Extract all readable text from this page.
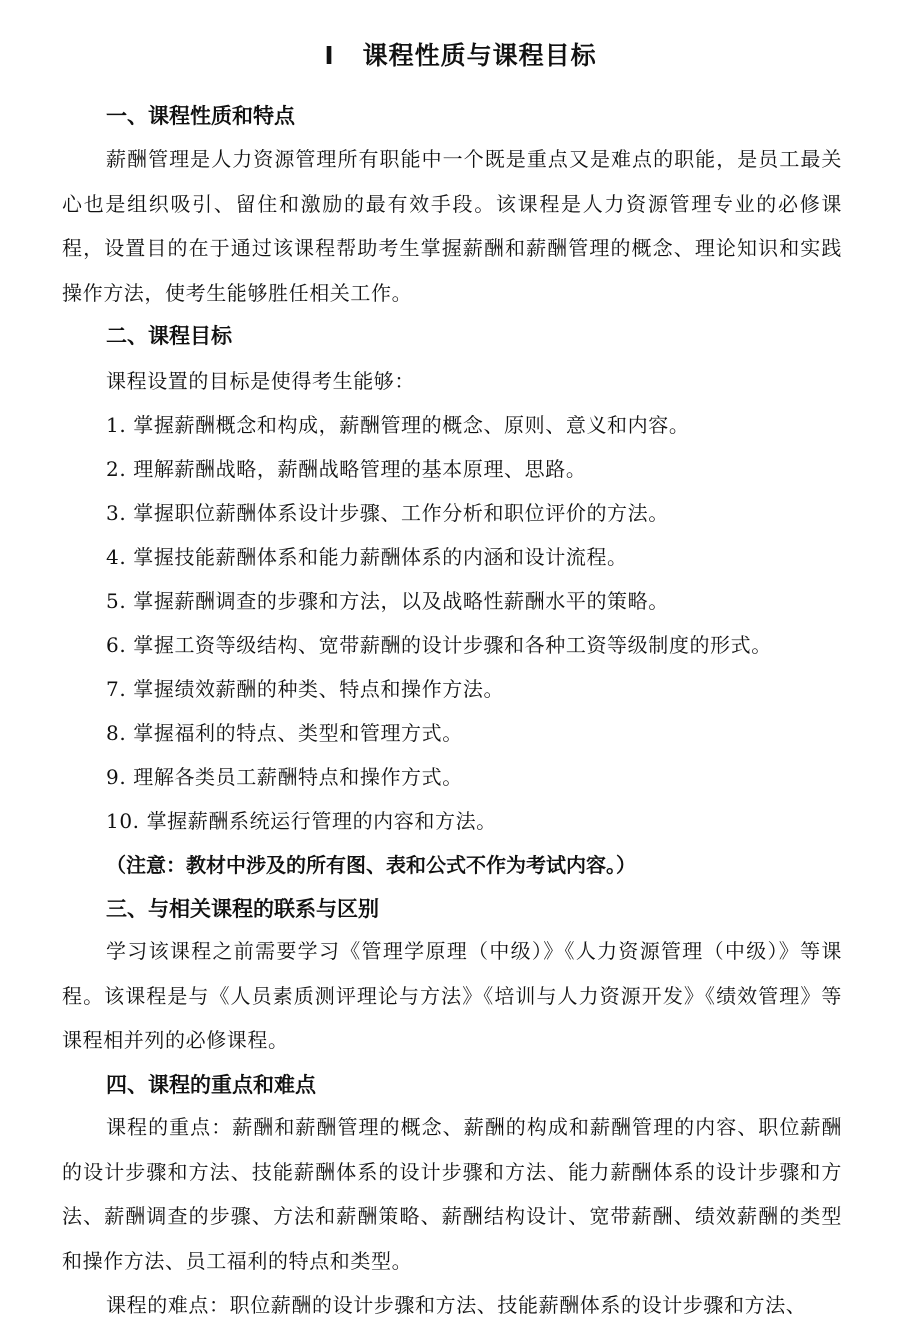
Ⅰ 课程性质与课程目标
一、课程性质和特点
薪酬管理是人力资源管理所有职能中一个既是重点又是难点的职能，是员工最关心也是组织吸引、留住和激励的最有效手段。该课程是人力资源管理专业的必修课程，设置目的在于通过该课程帮助考生掌握薪酬和薪酬管理的概念、理论知识和实践操作方法，使考生能够胜任相关工作。
二、课程目标
课程设置的目标是使得考生能够：
1. 掌握薪酬概念和构成，薪酬管理的概念、原则、意义和内容。
2. 理解薪酬战略，薪酬战略管理的基本原理、思路。
3. 掌握职位薪酬体系设计步骤、工作分析和职位评价的方法。
4. 掌握技能薪酬体系和能力薪酬体系的内涵和设计流程。
5. 掌握薪酬调查的步骤和方法，以及战略性薪酬水平的策略。
6. 掌握工资等级结构、宽带薪酬的设计步骤和各种工资等级制度的形式。
7. 掌握绩效薪酬的种类、特点和操作方法。
8. 掌握福利的特点、类型和管理方式。
9. 理解各类员工薪酬特点和操作方式。
10. 掌握薪酬系统运行管理的内容和方法。
（注意：教材中涉及的所有图、表和公式不作为考试内容。）
三、与相关课程的联系与区别
学习该课程之前需要学习《管理学原理（中级）》《人力资源管理（中级）》等课程。该课程是与《人员素质测评理论与方法》《培训与人力资源开发》《绩效管理》等课程相并列的必修课程。
四、课程的重点和难点
课程的重点：薪酬和薪酬管理的概念、薪酬的构成和薪酬管理的内容、职位薪酬的设计步骤和方法、技能薪酬体系的设计步骤和方法、能力薪酬体系的设计步骤和方法、薪酬调查的步骤、方法和薪酬策略、薪酬结构设计、宽带薪酬、绩效薪酬的类型和操作方法、员工福利的特点和类型。
课程的难点：职位薪酬的设计步骤和方法、技能薪酬体系的设计步骤和方法、
